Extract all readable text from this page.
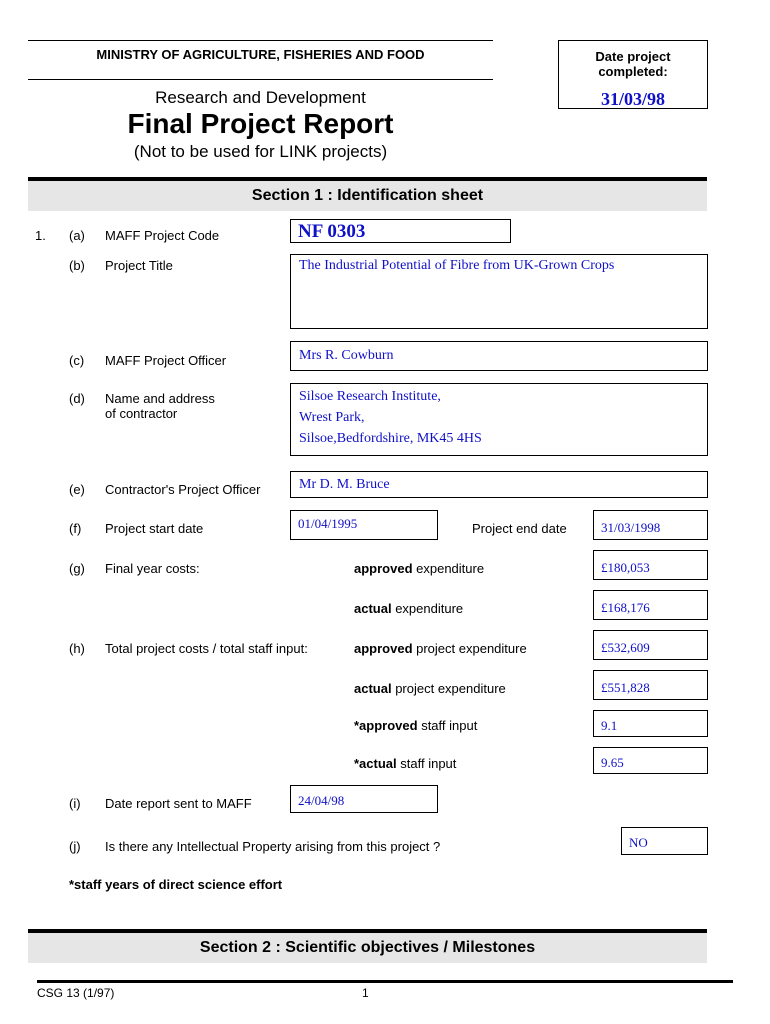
MINISTRY OF AGRICULTURE, FISHERIES AND FOOD
Research and Development
Final Project Report
(Not to be used for LINK projects)
Date project completed:
31/03/98
Section 1 : Identification sheet
1. (a) MAFF Project Code	NF 0303
(b) Project Title	The Industrial Potential of Fibre from UK-Grown Crops
(c) MAFF Project Officer	Mrs R. Cowburn
(d) Name and address
of contractor
Silsoe Research Institute,
Wrest Park,
Silsoe,Bedfordshire, MK45 4HS
(e) Contractor's Project Officer	Mr D. M. Bruce
(f) Project start date	01/04/1995	Project end date	31/03/1998
(g) Final year costs:	approved expenditure	£180,053
actual expenditure	£168,176
(h) Total project costs / total staff input:	approved project expenditure	£532,609
actual project expenditure	£551,828
*approved staff input	9.1
*actual staff input	9.65
(i) Date report sent to MAFF	24/04/98
(j) Is there any Intellectual Property arising from this project ?	NO
*staff years of direct science effort
Section 2 : Scientific objectives / Milestones
CSG 13 (1/97)	1
